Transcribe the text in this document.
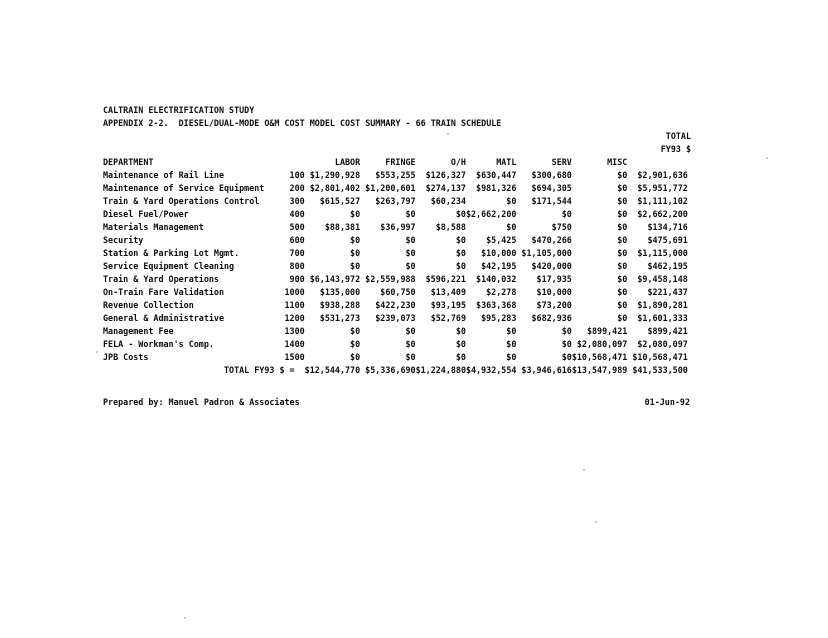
CALTRAIN ELECTRIFICATION STUDY
APPENDIX 2-2.  DIESEL/DUAL-MODE O&M COST MODEL COST SUMMARY - 66 TRAIN SCHEDULE
TOTAL
FY93 $
DEPARTMENT	LABOR	FRINGE	O/H	MATL	SERV	MISC
Maintenance of Rail Line	100 $1,290,928	$553,255	$126,327	$630,447	$300,680	$0	$2,901,636
Maintenance of Service Equipment	200 $2,801,402 $1,200,601	$274,137	$981,326	$694,305	$0	$5,951,772
Train & Yard Operations Control	300	$615,527	$263,797	$60,234	$0	$171,544	$0	$1,111,102
Diesel Fuel/Power	400	$0	$0	$0 $2,662,200	$0	$0	$2,662,200
Materials Management	500	$88,381	$36,997	$8,588	$0	$750	$0	$134,716
Security	600	$0	$0	$0	$5,425	$470,266	$0	$475,691
Station & Parking Lot Mgmt.	700	$0	$0	$0	$10,000 $1,105,000	$0	$1,115,000
Service Equipment Cleaning	800	$0	$0	$0	$42,195	$420,000	$0	$462,195
Train & Yard Operations	900 $6,143,972 $2,559,988	$596,221	$140,032	$17,935	$0	$9,458,148
On-Train Fare Validation	1000	$135,000	$60,750	$13,409	$2,278	$10,000	$0	$221,437
Revenue Collection	1100	$938,288	$422,230	$93,195	$363,368	$73,200	$0	$1,890,281
General & Administrative	1200	$531,273	$239,073	$52,769	$95,283	$682,936	$0	$1,601,333
Management Fee	1300	$0	$0	$0	$0	$0	$899,421	$899,421
FELA - Workman's Comp.	1400	$0	$0	$0	$0	$0 $2,080,097	$2,080,097
JPB Costs	1500	$0	$0	$0	$0	$0 $10,568,471 $10,568,471
TOTAL FY93 $ = $12,544,770 $5,336,690 $1,224,880 $4,932,554 $3,946,616 $13,547,989 $41,533,500
Prepared by: Manuel Padron & Associates	01-Jun-92
